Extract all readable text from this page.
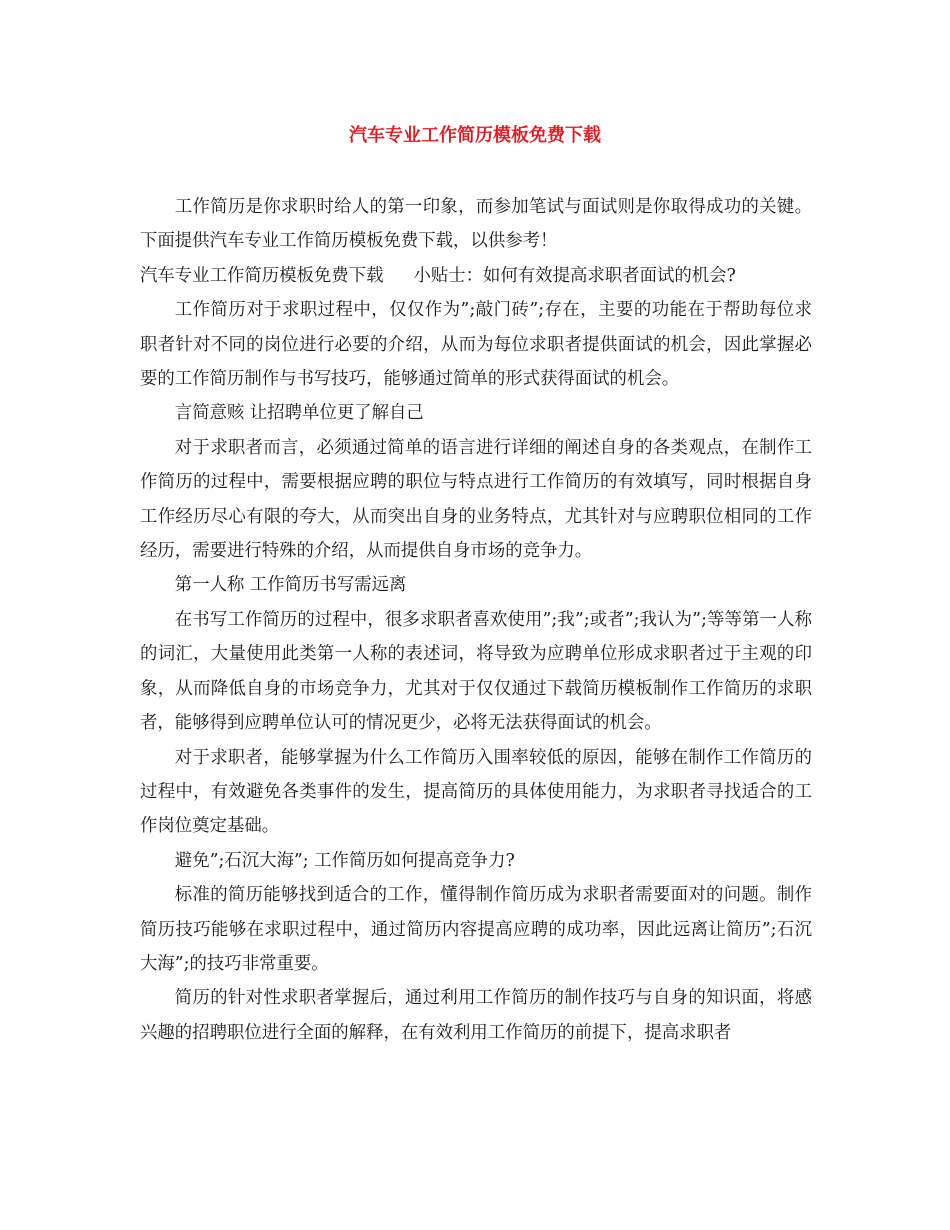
汽车专业工作简历模板免费下载

工作简历是你求职时给人的第一印象，而参加笔试与面试则是你取得成功的关键。下面提供汽车专业工作简历模板免费下载，以供参考！

汽车专业工作简历模板免费下载 小贴士：如何有效提高求职者面试的机会?

工作简历对于求职过程中，仅仅作为”;敲门砖”;存在，主要的功能在于帮助每位求职者针对不同的岗位进行必要的介绍，从而为每位求职者提供面试的机会，因此掌握必要的工作简历制作与书写技巧，能够通过简单的形式获得面试的机会。

言简意赅 让招聘单位更了解自己

对于求职者而言，必须通过简单的语言进行详细的阐述自身的各类观点，在制作工作简历的过程中，需要根据应聘的职位与特点进行工作简历的有效填写，同时根据自身工作经历尽心有限的夸大，从而突出自身的业务特点，尤其针对与应聘职位相同的工作经历，需要进行特殊的介绍，从而提供自身市场的竞争力。

第一人称 工作简历书写需远离

在书写工作简历的过程中，很多求职者喜欢使用”;我”;或者”;我认为”;等等第一人称的词汇，大量使用此类第一人称的表述词，将导致为应聘单位形成求职者过于主观的印象，从而降低自身的市场竞争力，尤其对于仅仅通过下载简历模板制作工作简历的求职者，能够得到应聘单位认可的情况更少，必将无法获得面试的机会。

对于求职者，能够掌握为什么工作简历入围率较低的原因，能够在制作工作简历的过程中，有效避免各类事件的发生，提高简历的具体使用能力，为求职者寻找适合的工作岗位奠定基础。

避免”;石沉大海”; 工作简历如何提高竞争力?

标准的简历能够找到适合的工作，懂得制作简历成为求职者需要面对的问题。制作简历技巧能够在求职过程中，通过简历内容提高应聘的成功率，因此远离让简历”;石沉大海”;的技巧非常重要。

简历的针对性求职者掌握后，通过利用工作简历的制作技巧与自身的知识面，将感兴趣的招聘职位进行全面的解释，在有效利用工作简历的前提下，提高求职者
